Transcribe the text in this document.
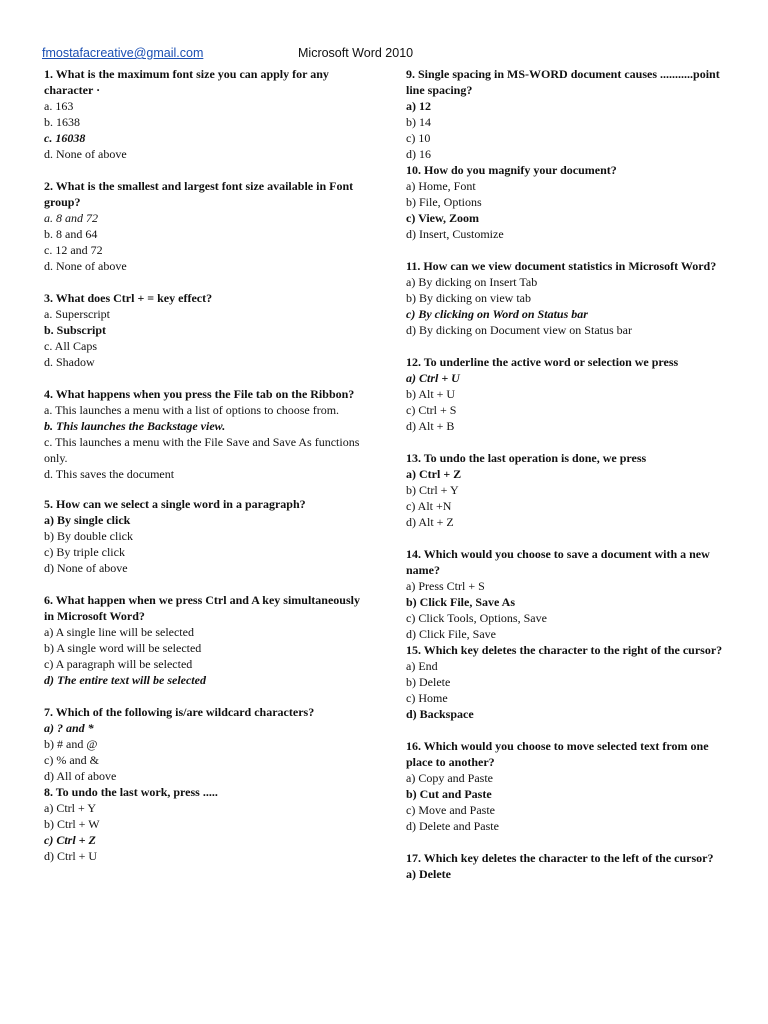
fmostafacreative@gmail.com	Microsoft Word 2010
1. What is the maximum font size you can apply for any character ·
a. 163
b. 1638
c. 16038
d. None of above
2. What is the smallest and largest font size available in Font group?
a. 8 and 72
b. 8 and 64
c. 12 and 72
d. None of above
3. What does Ctrl + = key effect?
a. Superscript
b. Subscript
c. All Caps
d. Shadow
4. What happens when you press the File tab on the Ribbon?
a. This launches a menu with a list of options to choose from.
b. This launches the Backstage view.
c. This launches a menu with the File Save and Save As functions only.
d. This saves the document
5. How can we select a single word in a paragraph?
a) By single click
b) By double click
c) By triple click
d) None of above
6. What happen when we press Ctrl and A key simultaneously in Microsoft Word?
a) A single line will be selected
b) A single word will be selected
c) A paragraph will be selected
d) The entire text will be selected
7. Which of the following is/are wildcard characters?
a) ? and *
b) # and @
c) % and &
d) All of above
8. To undo the last work, press .....
a) Ctrl + Y
b) Ctrl + W
c) Ctrl + Z
d) Ctrl + U
9. Single spacing in MS-WORD document causes ...........point line spacing?
a) 12
b) 14
c) 10
d) 16
10. How do you magnify your document?
a) Home, Font
b) File, Options
c) View, Zoom
d) Insert, Customize
11. How can we view document statistics in Microsoft Word?
a) By dicking on Insert Tab
b) By dicking on view tab
c) By clicking on Word on Status bar
d) By dicking on Document view on Status bar
12. To underline the active word or selection we press
a) Ctrl + U
b) Alt + U
c) Ctrl + S
d) Alt + B
13. To undo the last operation is done, we press
a) Ctrl + Z
b) Ctrl + Y
c) Alt +N
d) Alt + Z
14. Which would you choose to save a document with a new name?
a) Press Ctrl + S
b) Click File, Save As
c) Click Tools, Options, Save
d) Click File, Save
15. Which key deletes the character to the right of the cursor?
a) End
b) Delete
c) Home
d) Backspace
16. Which would you choose to move selected text from one place to another?
a) Copy and Paste
b) Cut and Paste
c) Move and Paste
d) Delete and Paste
17. Which key deletes the character to the left of the cursor?
a) Delete
